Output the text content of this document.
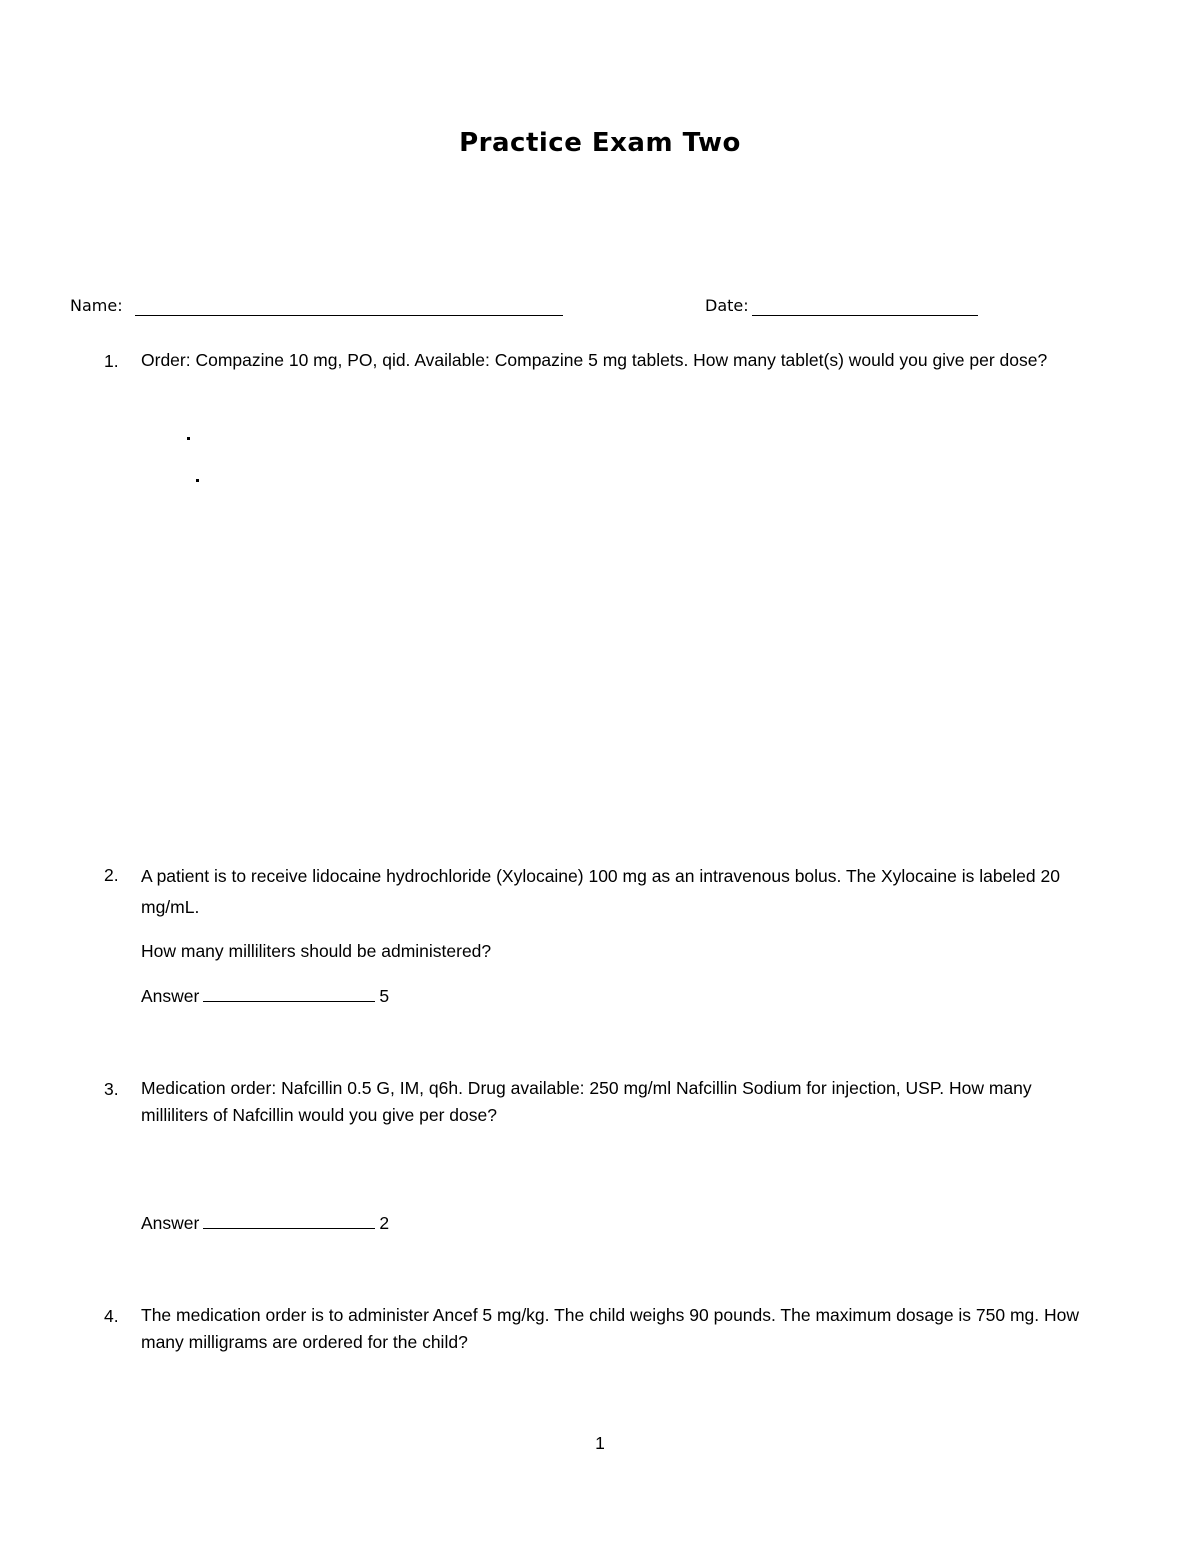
Practice Exam Two
Name:	Date:
1. Order: Compazine 10 mg, PO, qid. Available: Compazine 5 mg tablets. How many tablet(s) would you give per dose?
2. A patient is to receive lidocaine hydrochloride (Xylocaine) 100 mg as an intravenous bolus. The Xylocaine is labeled 20 mg/mL.
How many milliliters should be administered?
Answer	5
3. Medication order: Nafcillin 0.5 G, IM, q6h. Drug available: 250 mg/ml Nafcillin Sodium for injection, USP. How many milliliters of Nafcillin would you give per dose?
Answer	2
4. The medication order is to administer Ancef 5 mg/kg. The child weighs 90 pounds. The maximum dosage is 750 mg. How many milligrams are ordered for the child?
1
